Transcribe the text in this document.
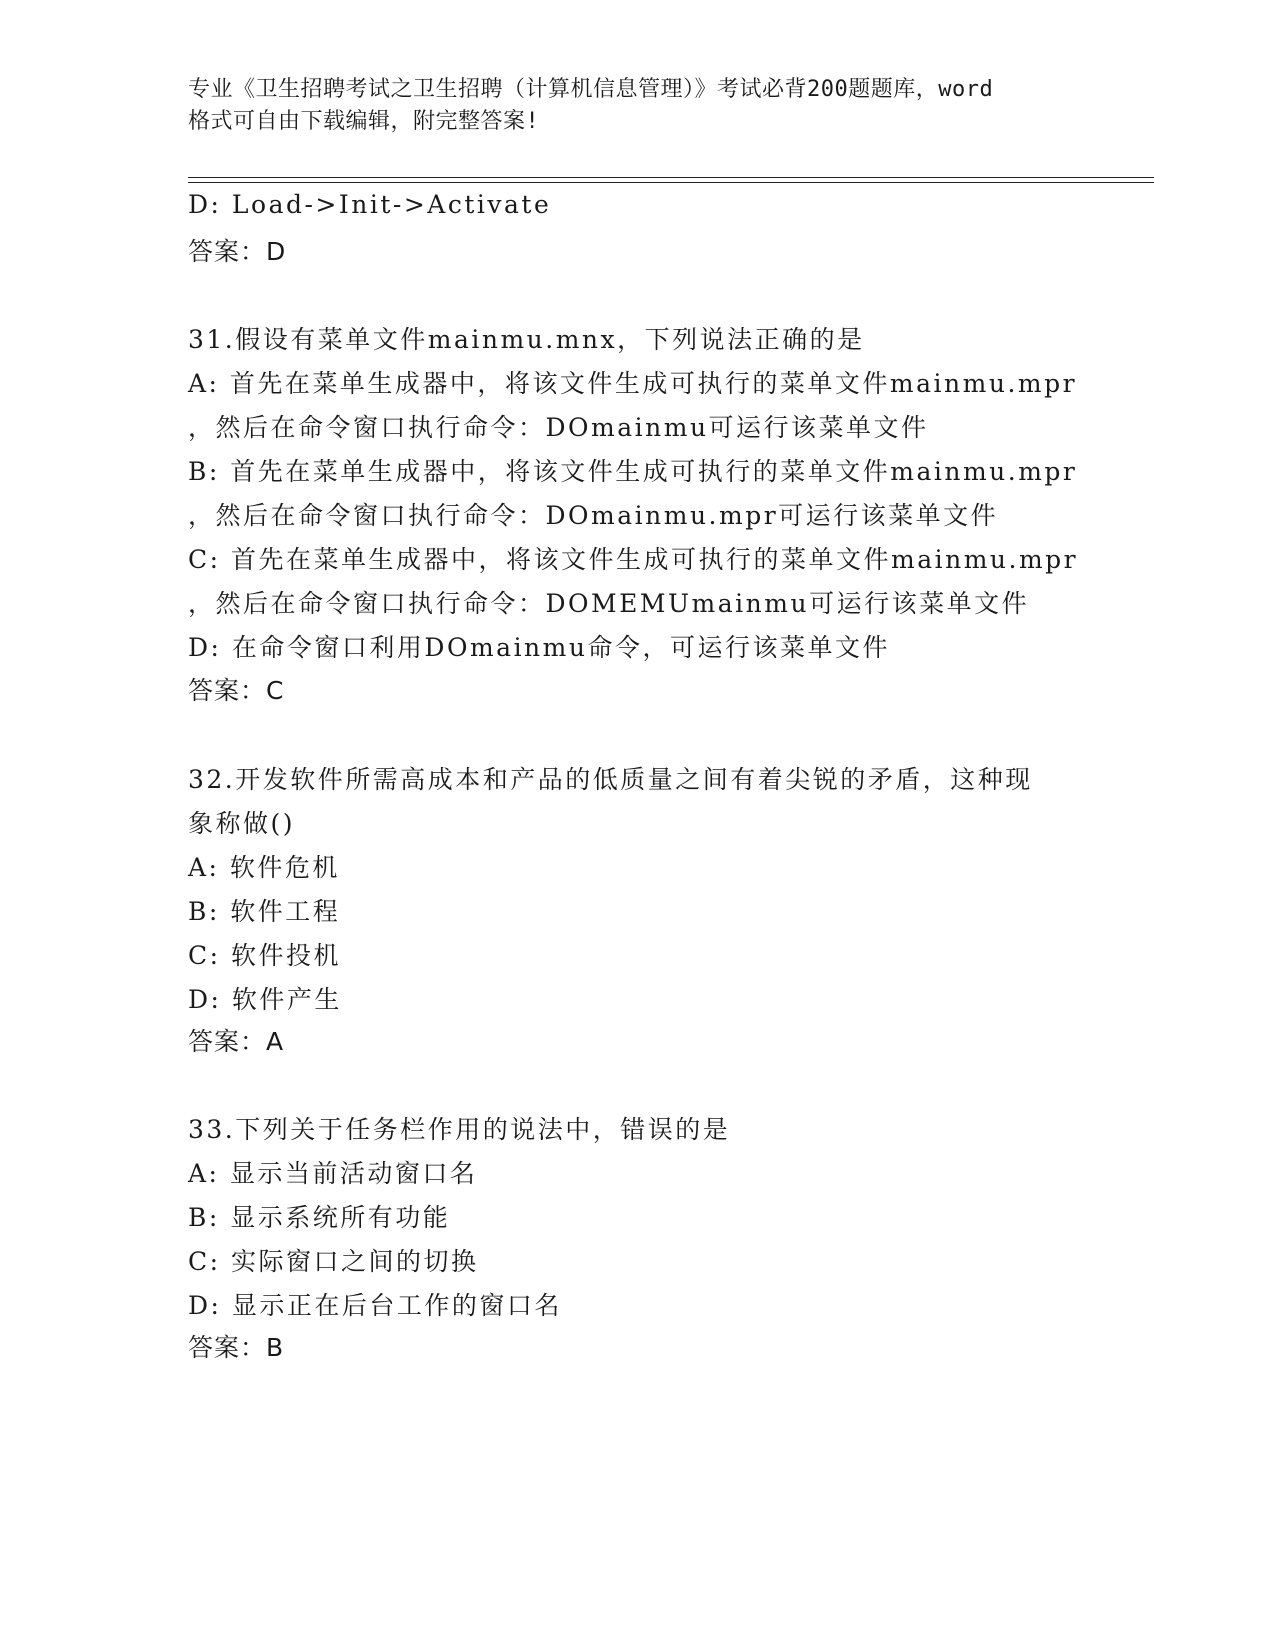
专业《卫生招聘考试之卫生招聘（计算机信息管理）》考试必背200题题库，word
格式可自由下载编辑，附完整答案!
D: Load->Init->Activate
答案：D
31.假设有菜单文件mainmu.mnx，下列说法正确的是
A: 首先在菜单生成器中，将该文件生成可执行的菜单文件mainmu.mpr
，然后在命令窗口执行命令：DOmainmu可运行该菜单文件
B: 首先在菜单生成器中，将该文件生成可执行的菜单文件mainmu.mpr
，然后在命令窗口执行命令：DOmainmu.mpr可运行该菜单文件
C: 首先在菜单生成器中，将该文件生成可执行的菜单文件mainmu.mpr
，然后在命令窗口执行命令：DOMEMUmainmu可运行该菜单文件
D: 在命令窗口利用DOmainmu命令，可运行该菜单文件
答案：C
32.开发软件所需高成本和产品的低质量之间有着尖锐的矛盾，这种现
象称做()
A: 软件危机
B: 软件工程
C: 软件投机
D: 软件产生
答案：A
33.下列关于任务栏作用的说法中，错误的是
A: 显示当前活动窗口名
B: 显示系统所有功能
C: 实际窗口之间的切换
D: 显示正在后台工作的窗口名
答案：B
